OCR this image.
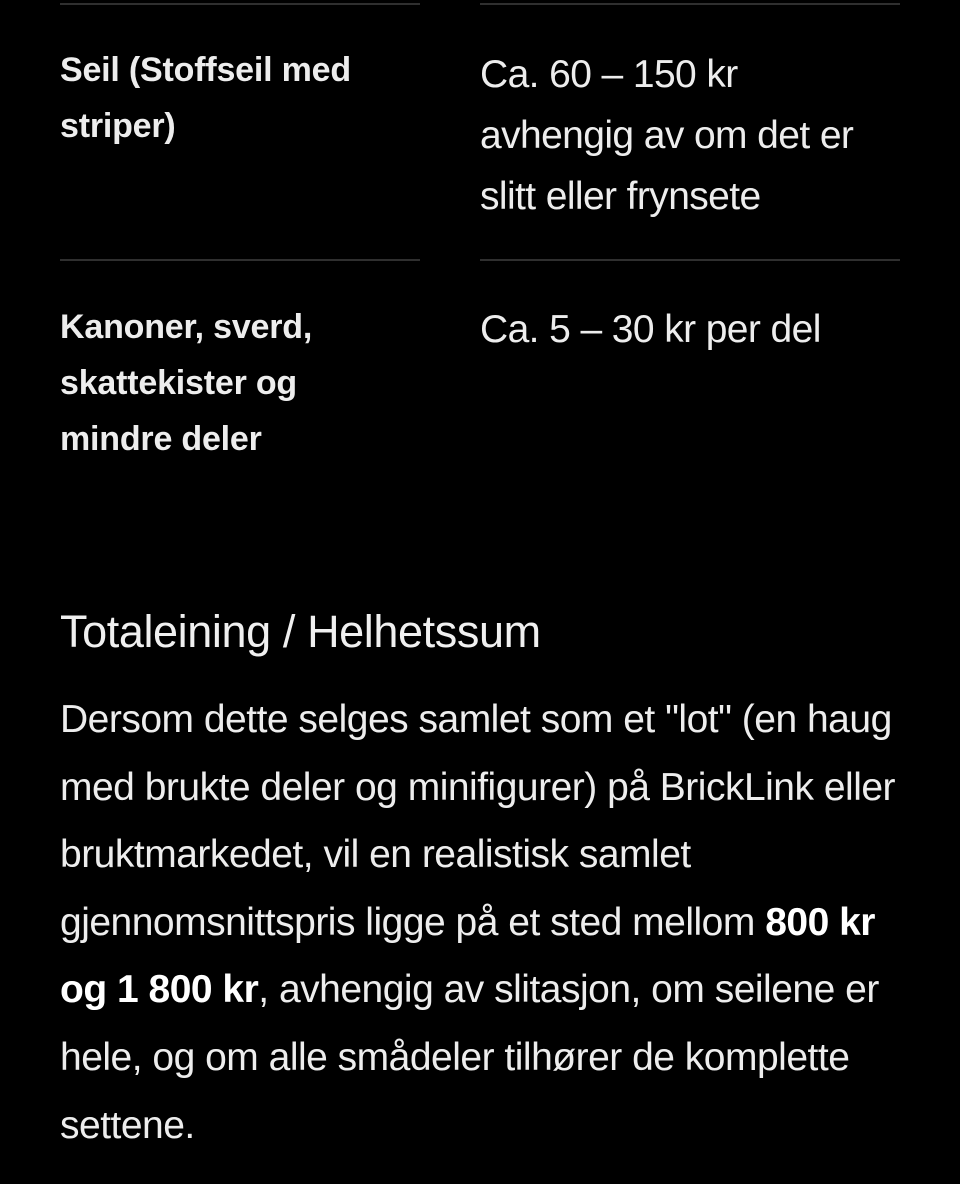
Seil (Stoffseil med
striper)
Ca. 60 – 150 kr
avhengig av om det er
slitt eller frynsete
Kanoner, sverd,
skattekister og
mindre deler
Ca. 5 – 30 kr per del
Totaleining / Helhetssum
Dersom dette selges samlet som et "lot" (en haug med brukte deler og minifigurer) på BrickLink eller bruktmarkedet, vil en realistisk samlet gjennomsnittspris ligge på et sted mellom 800 kr og 1 800 kr, avhengig av slitasjon, om seilene er hele, og om alle smådeler tilhører de komplette settene.
